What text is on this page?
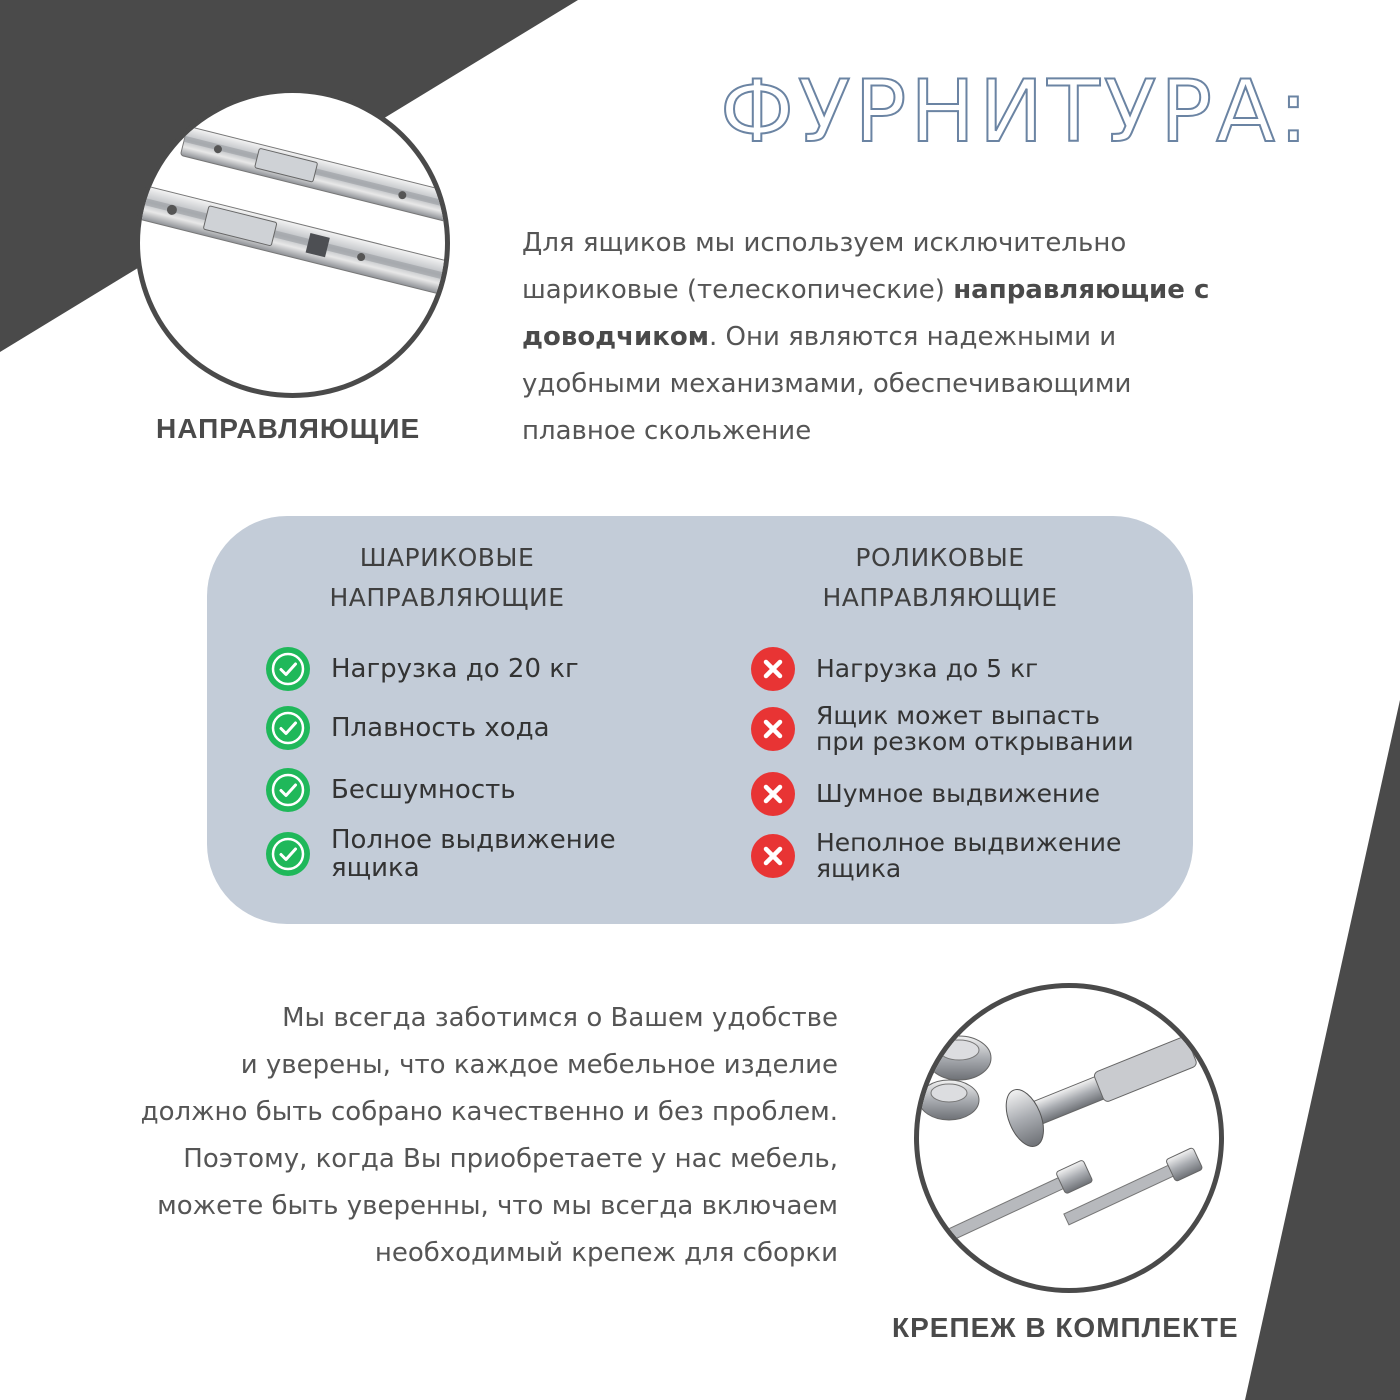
ФУРНИТУРА:
НАПРАВЛЯЮЩИЕ
Для ящиков мы используем исключительно шариковые (телескопические) направляющие с доводчиком. Они являются надежными и удобными механизмами, обеспечивающими плавное скольжение
ШАРИКОВЫЕ
НАПРАВЛЯЮЩИЕ
Нагрузка до 20 кг
Плавность хода
Бесшумность
Полное выдвижение ящика
РОЛИКОВЫЕ
НАПРАВЛЯЮЩИЕ
Нагрузка до 5 кг
Ящик может выпасть при резком открывании
Шумное выдвижение
Неполное выдвижение ящика
Мы всегда заботимся о Вашем удобстве
и уверены, что каждое мебельное изделие
должно быть собрано качественно и без проблем.
Поэтому, когда Вы приобретаете у нас мебель,
можете быть уверенны, что мы всегда включаем
необходимый крепеж для сборки
КРЕПЕЖ В КОМПЛЕКТЕ
